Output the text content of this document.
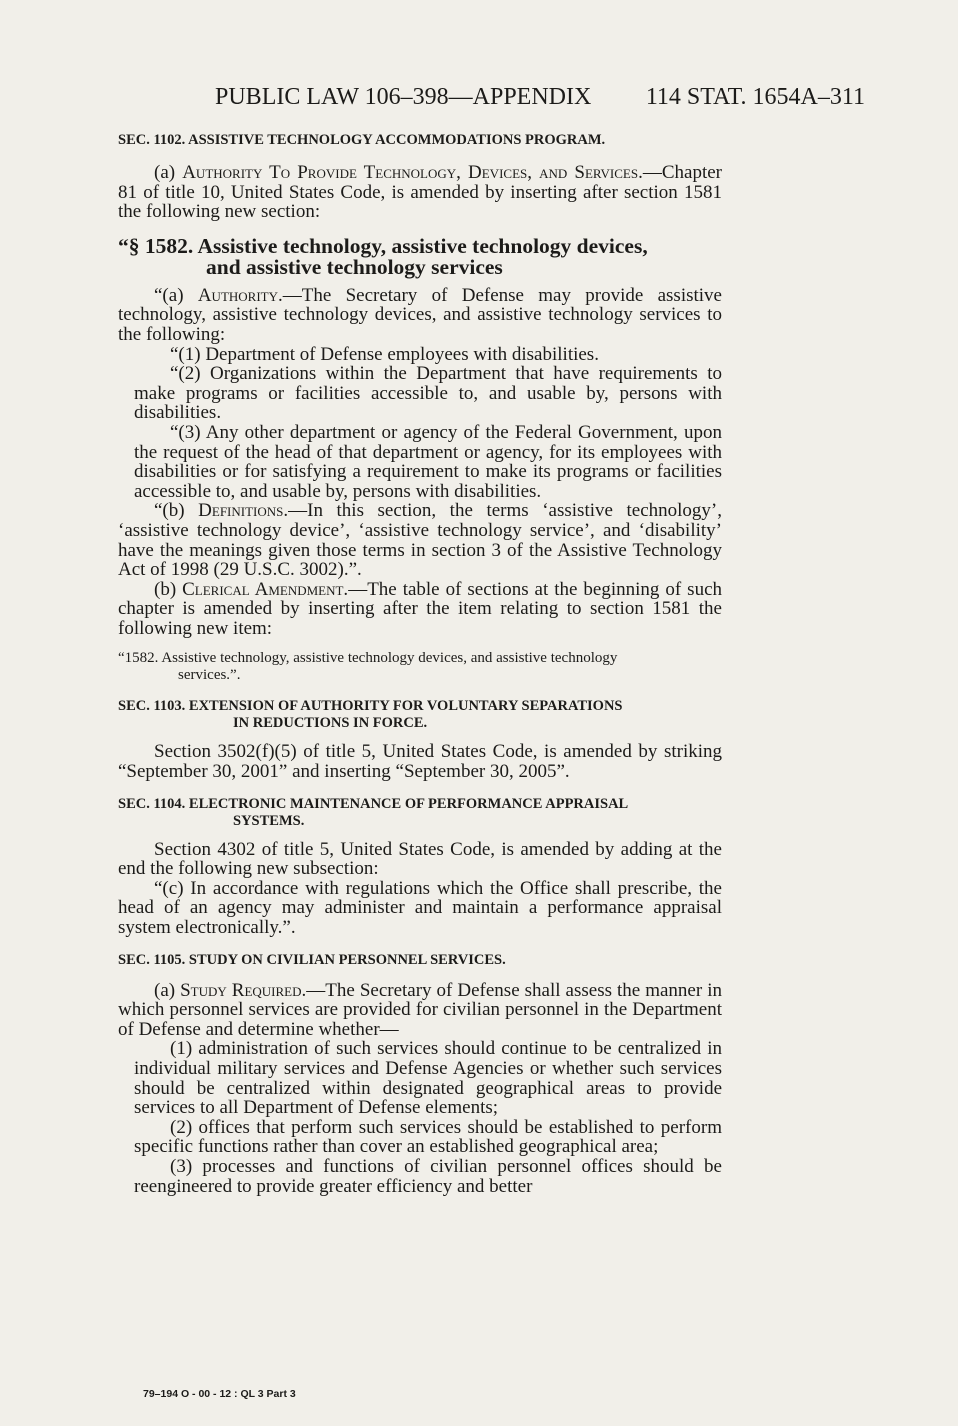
PUBLIC LAW 106–398—APPENDIX 114 STAT. 1654A–311
SEC. 1102. ASSISTIVE TECHNOLOGY ACCOMMODATIONS PROGRAM.

(a) Authority To Provide Technology, Devices, and Services.—Chapter 81 of title 10, United States Code, is amended by inserting after section 1581 the following new section:

“§ 1582. Assistive technology, assistive technology devices,
and assistive technology services

“(a) Authority.—The Secretary of Defense may provide assistive technology, assistive technology devices, and assistive technology services to the following:

“(1) Department of Defense employees with disabilities.

“(2) Organizations within the Department that have requirements to make programs or facilities accessible to, and usable by, persons with disabilities.

“(3) Any other department or agency of the Federal Government, upon the request of the head of that department or agency, for its employees with disabilities or for satisfying a requirement to make its programs or facilities accessible to, and usable by, persons with disabilities.

“(b) Definitions.—In this section, the terms ‘assistive technology’, ‘assistive technology device’, ‘assistive technology service’, and ‘disability’ have the meanings given those terms in section 3 of the Assistive Technology Act of 1998 (29 U.S.C. 3002).”.

(b) Clerical Amendment.—The table of sections at the beginning of such chapter is amended by inserting after the item relating to section 1581 the following new item:

“1582. Assistive technology, assistive technology devices, and assistive technology
services.”.
SEC. 1103. EXTENSION OF AUTHORITY FOR VOLUNTARY SEPARATIONS
IN REDUCTIONS IN FORCE.

Section 3502(f)(5) of title 5, United States Code, is amended by striking “September 30, 2001” and inserting “September 30, 2005”.

SEC. 1104. ELECTRONIC MAINTENANCE OF PERFORMANCE APPRAISAL
SYSTEMS.

Section 4302 of title 5, United States Code, is amended by adding at the end the following new subsection:

“(c) In accordance with regulations which the Office shall prescribe, the head of an agency may administer and maintain a performance appraisal system electronically.”.

SEC. 1105. STUDY ON CIVILIAN PERSONNEL SERVICES.

(a) Study Required.—The Secretary of Defense shall assess the manner in which personnel services are provided for civilian personnel in the Department of Defense and determine whether—

(1) administration of such services should continue to be centralized in individual military services and Defense Agencies or whether such services should be centralized within designated geographical areas to provide services to all Department of Defense elements;

(2) offices that perform such services should be established to perform specific functions rather than cover an established geographical area;

(3) processes and functions of civilian personnel offices should be reengineered to provide greater efficiency and better

79–194 O - 00 - 12 : QL 3 Part 3
